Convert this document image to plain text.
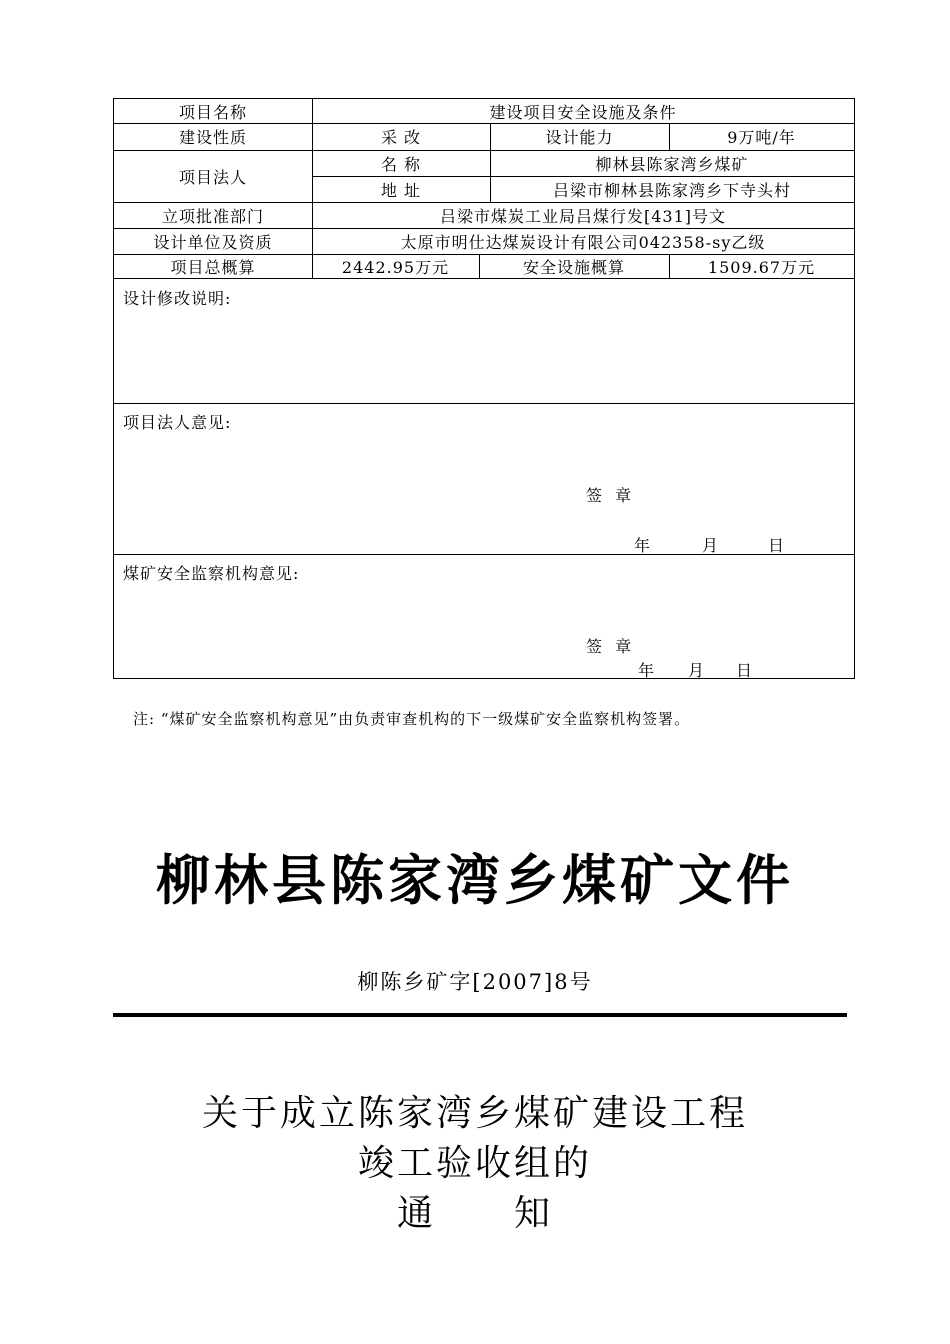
项目名称	建设项目安全设施及条件
建设性质	采 改	设计能力	9万吨/年
项目法人
名 称	柳林县陈家湾乡煤矿
地 址	吕梁市柳林县陈家湾乡下寺头村
立项批准部门	吕梁市煤炭工业局吕煤行发[431]号文
设计单位及资质	太原市明仕达煤炭设计有限公司042358-sy乙级
项目总概算	2442.95万元	安全设施概算	1509.67万元
设计修改说明:
项目法人意见:
签 章
年	月	日
煤矿安全监察机构意见:
签 章
年 月 日
注: “煤矿安全监察机构意见”由负责审查机构的下一级煤矿安全监察机构签署。
柳林县陈家湾乡煤矿文件
柳陈乡矿字[2007]8号
关于成立陈家湾乡煤矿建设工程
竣工验收组的
通　　知
